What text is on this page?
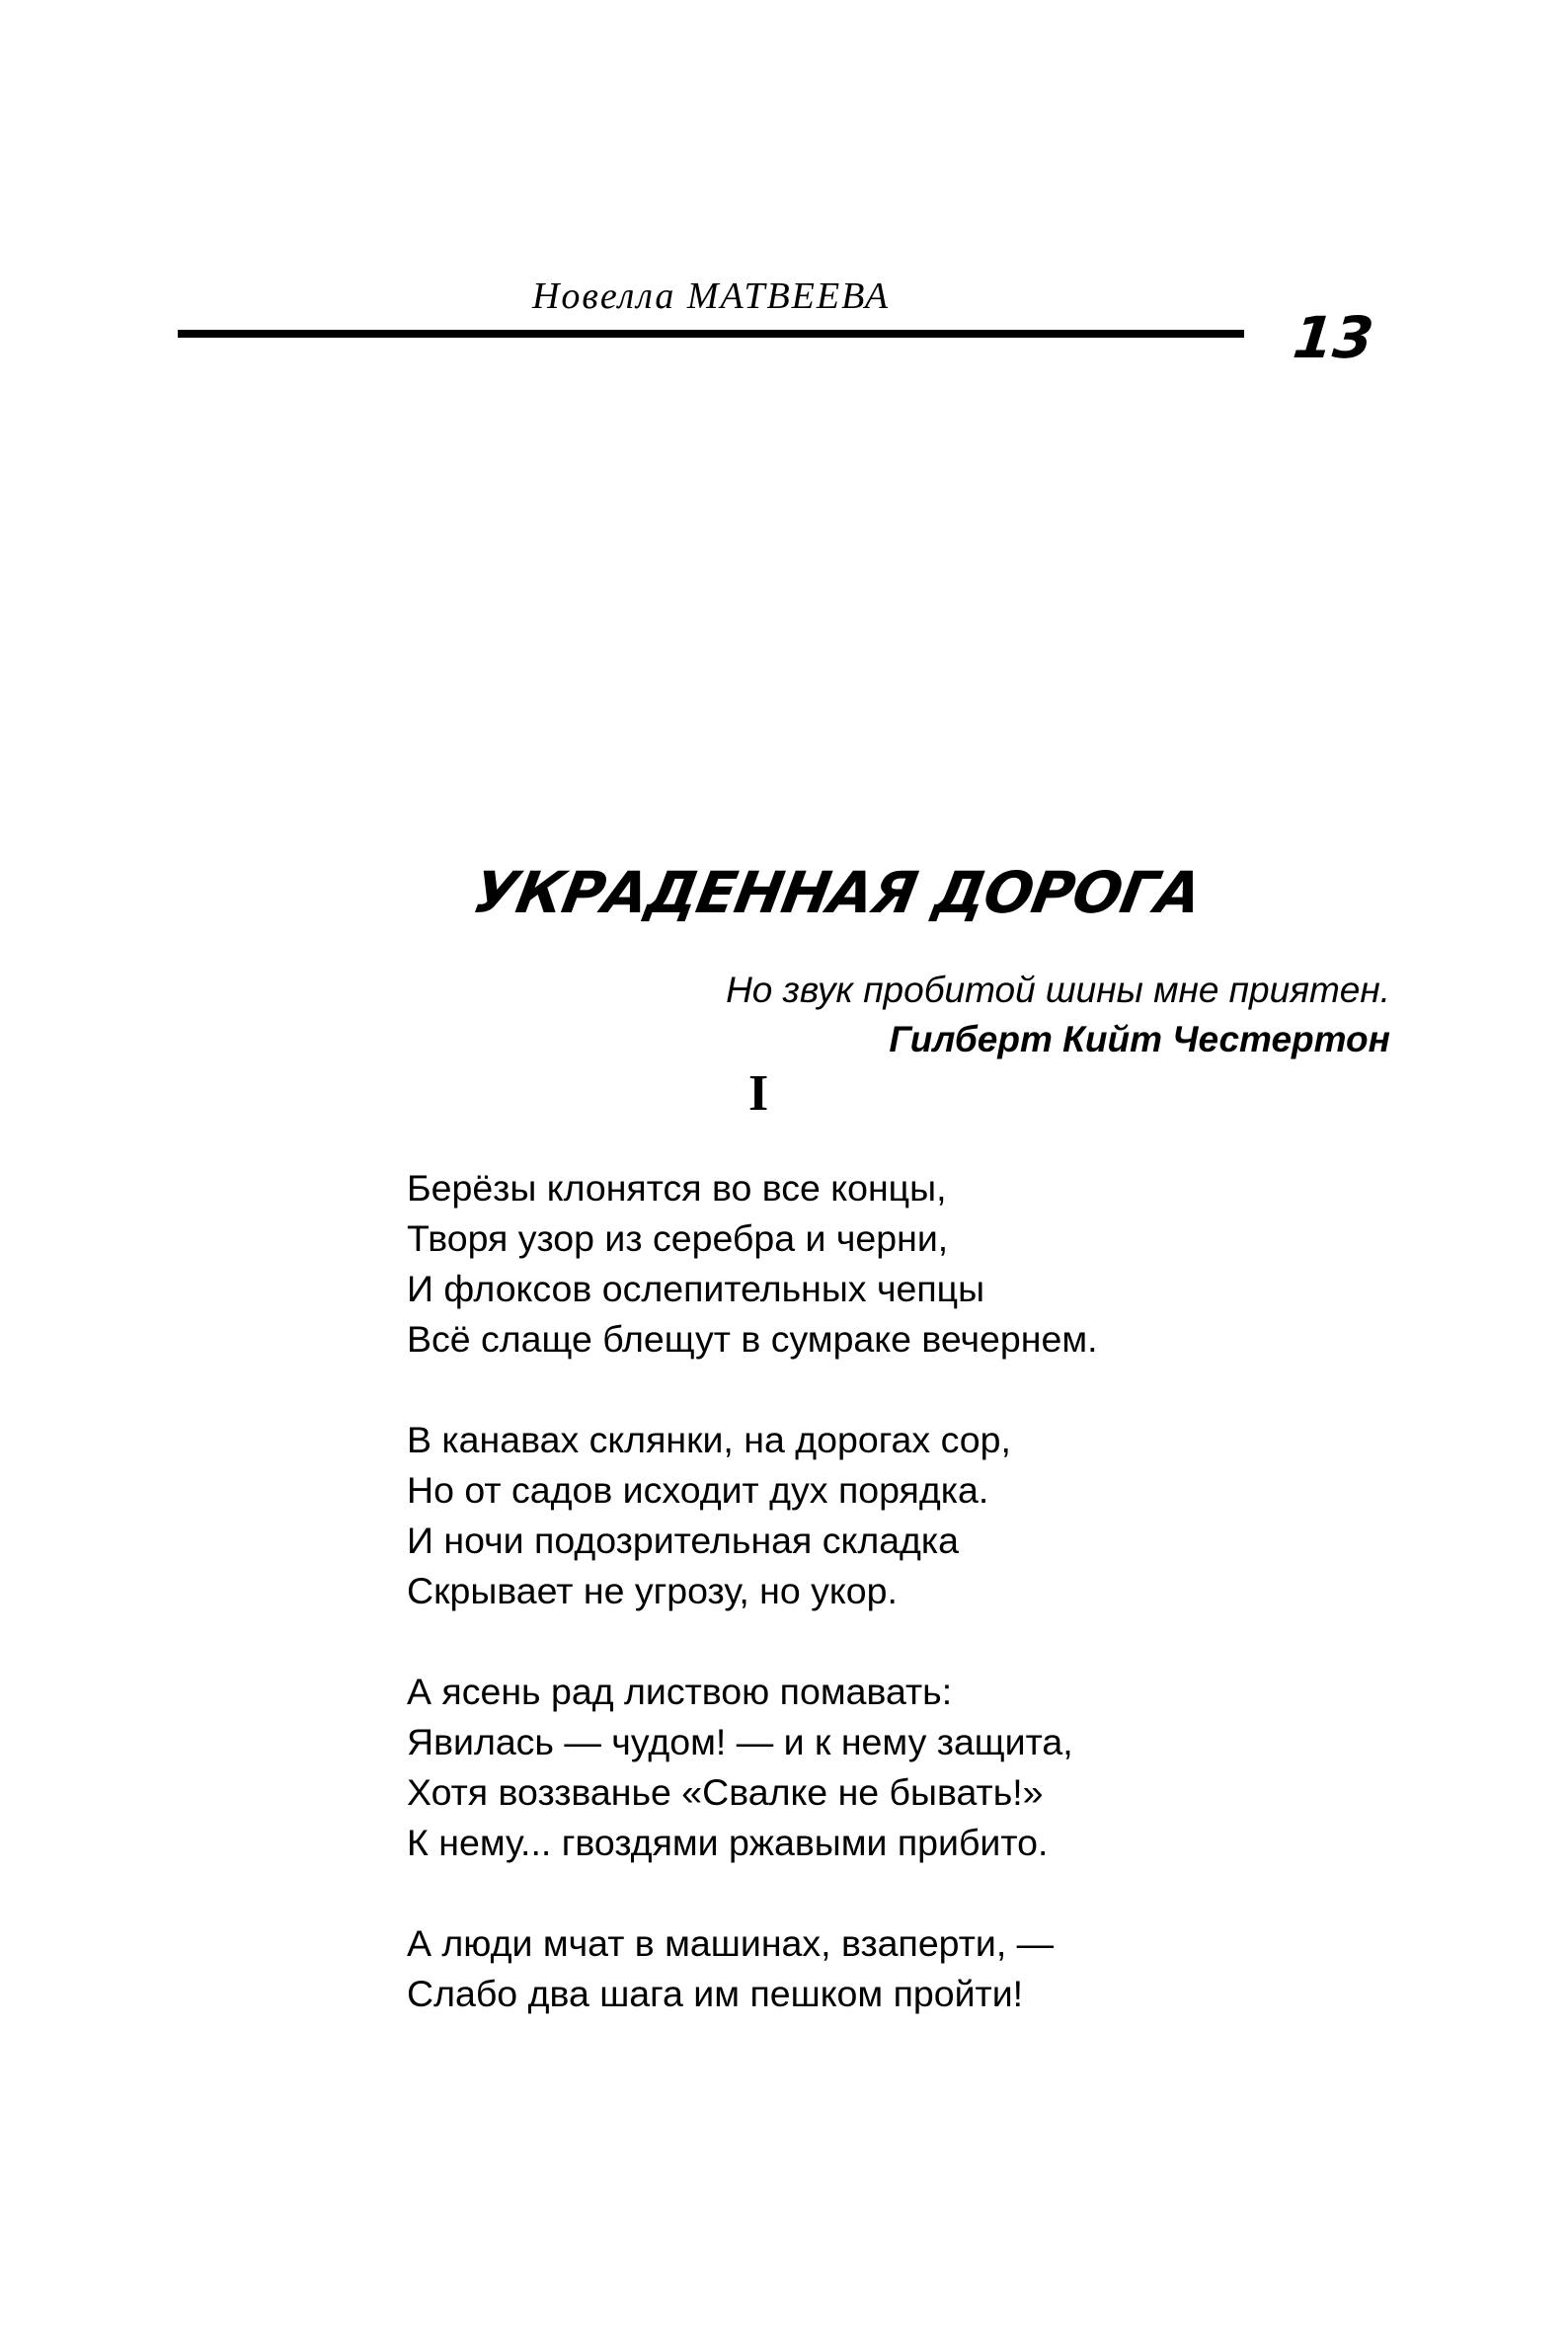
Новелла МАТВЕЕВА
13
УКРАДЕННАЯ ДОРОГА
Но звук пробитой шины мне приятен.
Гилберт Кийт Честертон
I
Берёзы клонятся во все концы,
Творя узор из серебра и черни,
И флоксов ослепительных чепцы
Всё слаще блещут в сумраке вечернем.
В канавах склянки, на дорогах сор,
Но от садов исходит дух порядка.
И ночи подозрительная складка
Скрывает не угрозу, но укор.
А ясень рад листвою помавать:
Явилась — чудом! — и к нему защита,
Хотя воззванье «Свалке не бывать!»
К нему... гвоздями ржавыми прибито.
А люди мчат в машинах, взаперти, —
Слабо два шага им пешком пройти!
